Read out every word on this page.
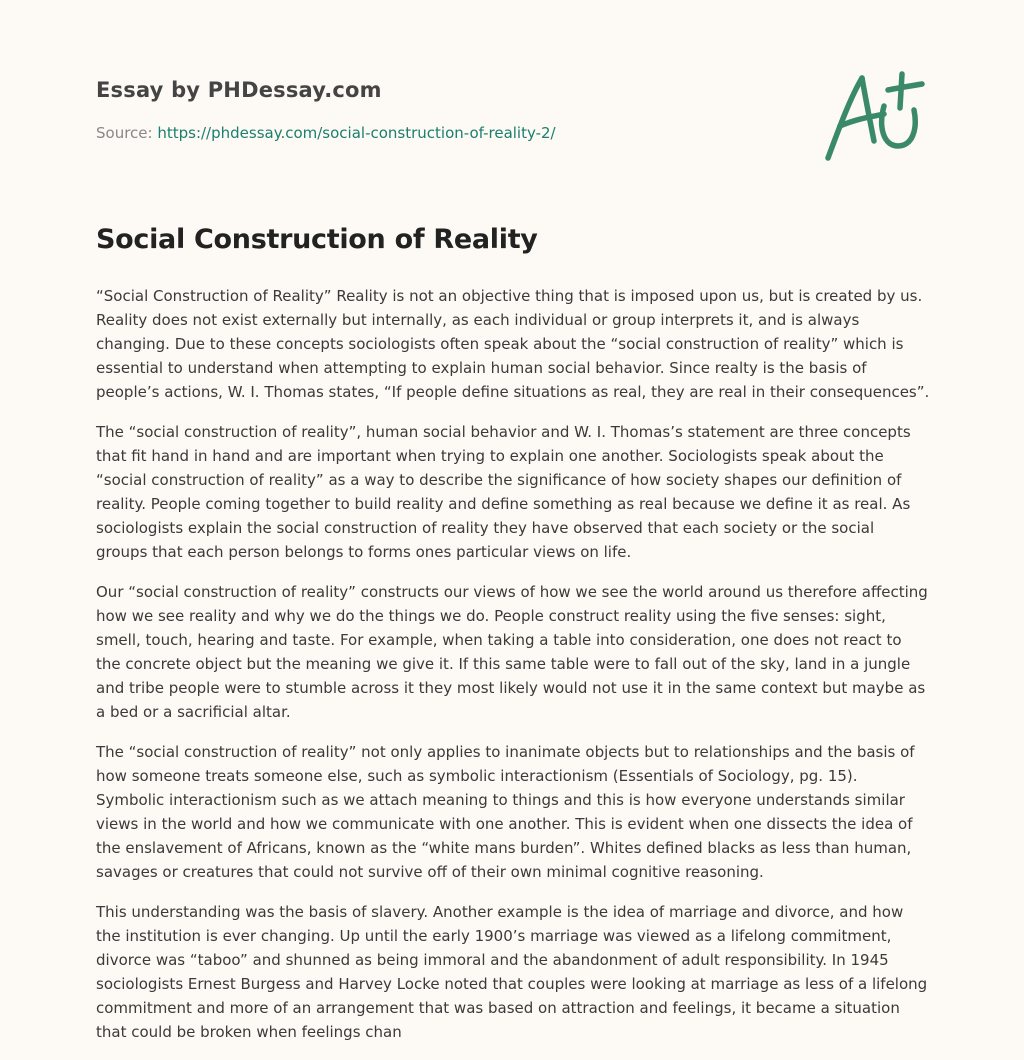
Essay by PHDessay.com
Source: https://phdessay.com/social-construction-of-reality-2/
Social Construction of Reality

“Social Construction of Reality” Reality is not an objective thing that is imposed upon us, but is created by us. Reality does not exist externally but internally, as each individual or group interprets it, and is always changing. Due to these concepts sociologists often speak about the “social construction of reality” which is essential to understand when attempting to explain human social behavior. Since realty is the basis of people’s actions, W. I. Thomas states, “If people define situations as real, they are real in their consequences”.

The “social construction of reality”, human social behavior and W. I. Thomas’s statement are three concepts that fit hand in hand and are important when trying to explain one another. Sociologists speak about the “social construction of reality” as a way to describe the significance of how society shapes our definition of reality. People coming together to build reality and define something as real because we define it as real. As sociologists explain the social construction of reality they have observed that each society or the social groups that each person belongs to forms ones particular views on life.

Our “social construction of reality” constructs our views of how we see the world around us therefore affecting how we see reality and why we do the things we do. People construct reality using the five senses: sight, smell, touch, hearing and taste. For example, when taking a table into consideration, one does not react to the concrete object but the meaning we give it. If this same table were to fall out of the sky, land in a jungle and tribe people were to stumble across it they most likely would not use it in the same context but maybe as a bed or a sacrificial altar.

The “social construction of reality” not only applies to inanimate objects but to relationships and the basis of how someone treats someone else, such as symbolic interactionism (Essentials of Sociology, pg. 15). Symbolic interactionism such as we attach meaning to things and this is how everyone understands similar views in the world and how we communicate with one another. This is evident when one dissects the idea of the enslavement of Africans, known as the “white mans burden”. Whites defined blacks as less than human, savages or creatures that could not survive off of their own minimal cognitive reasoning.

This understanding was the basis of slavery. Another example is the idea of marriage and divorce, and how the institution is ever changing. Up until the early 1900’s marriage was viewed as a lifelong commitment, divorce was “taboo” and shunned as being immoral and the abandonment of adult responsibility. In 1945 sociologists Ernest Burgess and Harvey Locke noted that couples were looking at marriage as less of a lifelong commitment and more of an arrangement that was based on attraction and feelings, it became a situation that could be broken when feelings chan
